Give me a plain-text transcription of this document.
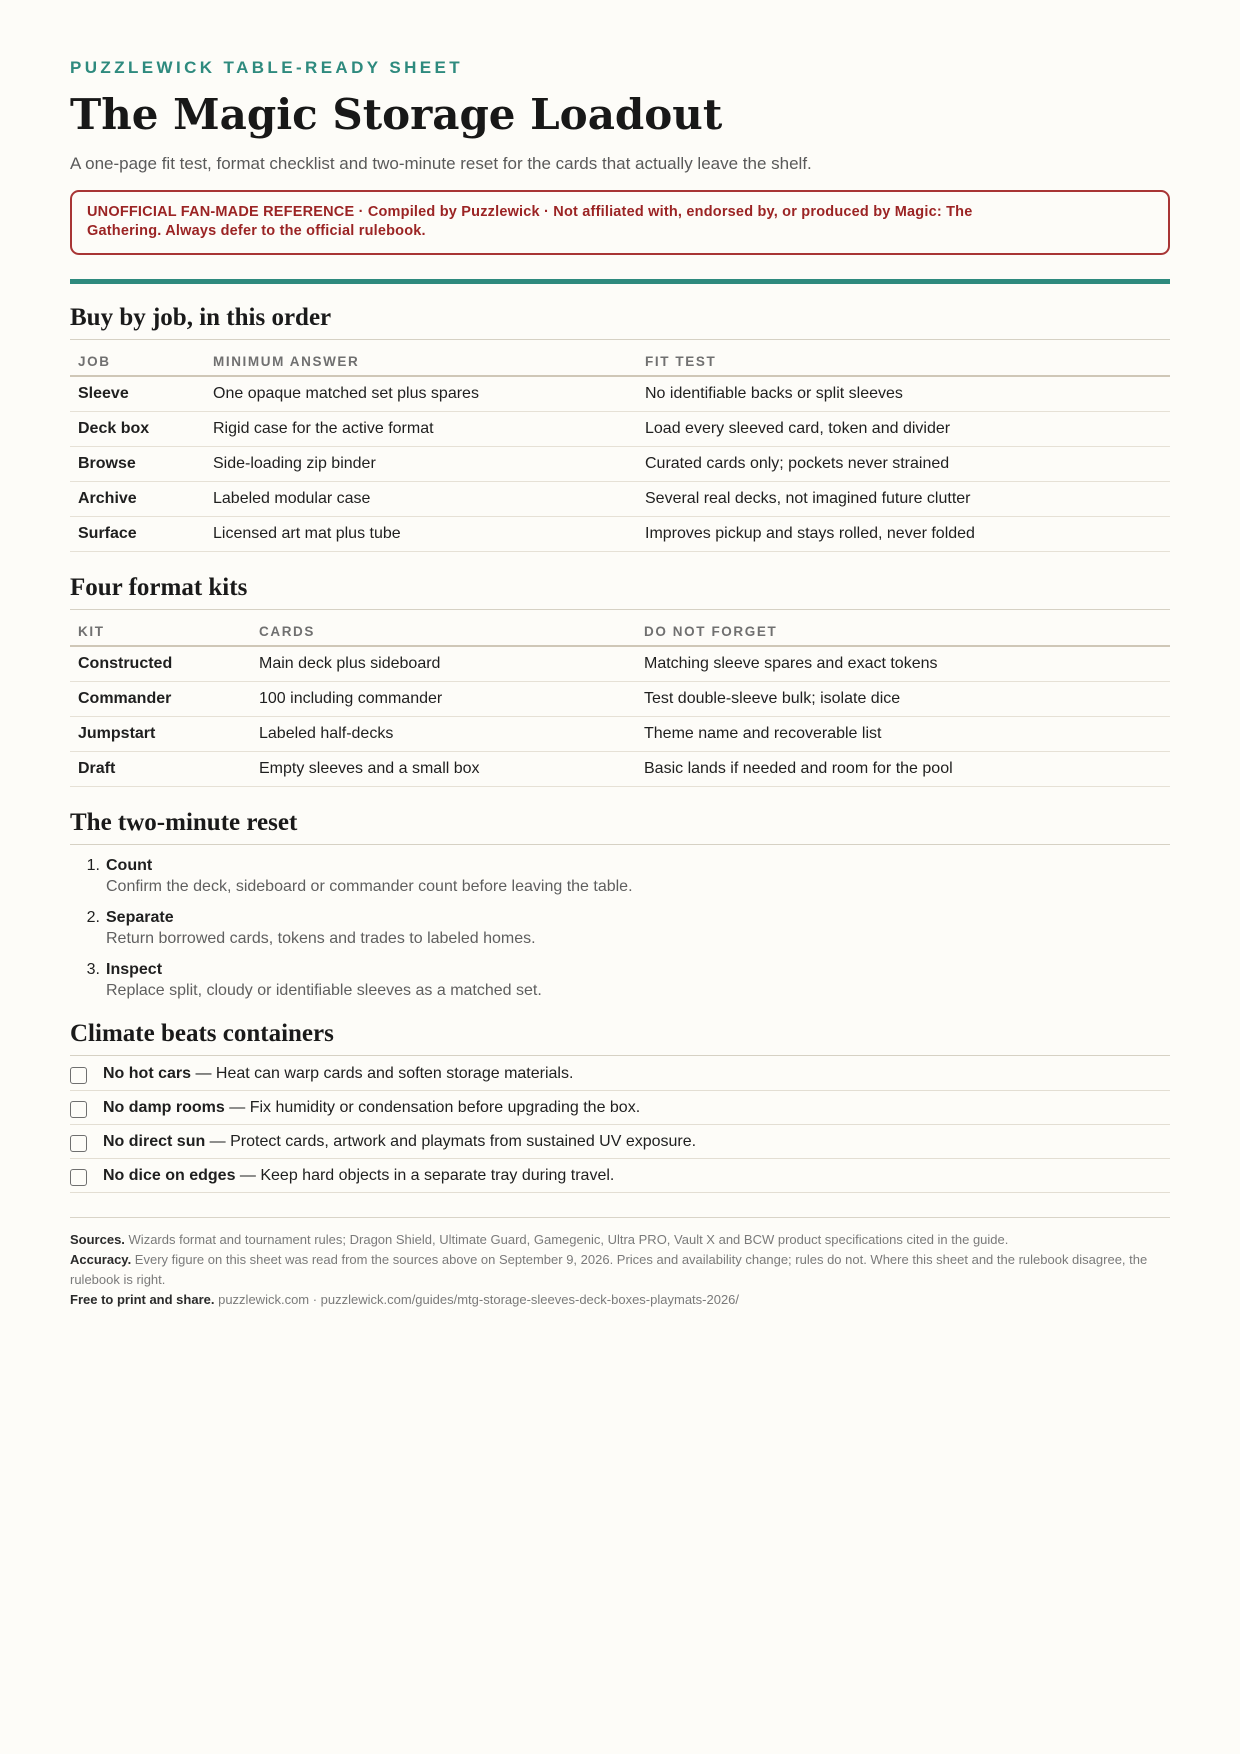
PUZZLEWICK TABLE-READY SHEET
The Magic Storage Loadout
A one-page fit test, format checklist and two-minute reset for the cards that actually leave the shelf.
UNOFFICIAL FAN-MADE REFERENCE · Compiled by Puzzlewick · Not affiliated with, endorsed by, or produced by Magic: The
Gathering. Always defer to the official rulebook.
Buy by job, in this order
JOB	MINIMUM ANSWER	FIT TEST
Sleeve	One opaque matched set plus spares	No identifiable backs or split sleeves
Deck box	Rigid case for the active format	Load every sleeved card, token and divider
Browse	Side-loading zip binder	Curated cards only; pockets never strained
Archive	Labeled modular case	Several real decks, not imagined future clutter
Surface	Licensed art mat plus tube	Improves pickup and stays rolled, never folded
Four format kits
KIT	CARDS	DO NOT FORGET
Constructed	Main deck plus sideboard	Matching sleeve spares and exact tokens
Commander	100 including commander	Test double-sleeve bulk; isolate dice
Jumpstart	Labeled half-decks	Theme name and recoverable list
Draft	Empty sleeves and a small box	Basic lands if needed and room for the pool
The two-minute reset
1. Count
Confirm the deck, sideboard or commander count before leaving the table.
2. Separate
Return borrowed cards, tokens and trades to labeled homes.
3. Inspect
Replace split, cloudy or identifiable sleeves as a matched set.
Climate beats containers
No hot cars — Heat can warp cards and soften storage materials.
No damp rooms — Fix humidity or condensation before upgrading the box.
No direct sun — Protect cards, artwork and playmats from sustained UV exposure.
No dice on edges — Keep hard objects in a separate tray during travel.
Sources. Wizards format and tournament rules; Dragon Shield, Ultimate Guard, Gamegenic, Ultra PRO, Vault X and BCW product specifications cited in the guide.
Accuracy. Every figure on this sheet was read from the sources above on September 9, 2026. Prices and availability change; rules do not. Where this sheet and the rulebook disagree, the rulebook is right.
Free to print and share. puzzlewick.com · puzzlewick.com/guides/mtg-storage-sleeves-deck-boxes-playmats-2026/
